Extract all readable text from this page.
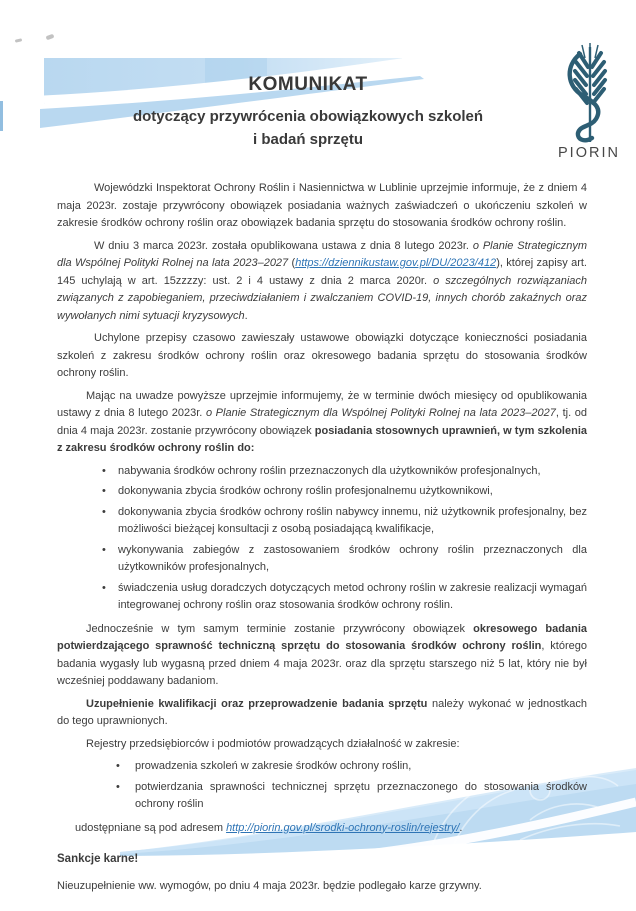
KOMUNIKAT
dotyczący przywrócenia obowiązkowych szkoleń
i badań sprzętu
PIORIN

Wojewódzki Inspektorat Ochrony Roślin i Nasiennictwa w Lublinie uprzejmie informuje, że z dniem 4 maja 2023r. zostaje przywrócony obowiązek posiadania ważnych zaświadczeń o ukończeniu szkoleń w zakresie środków ochrony roślin oraz obowiązek badania sprzętu do stosowania środków ochrony roślin.

W dniu 3 marca 2023r. została opublikowana ustawa z dnia 8 lutego 2023r. o Planie Strategicznym dla Wspólnej Polityki Rolnej na lata 2023–2027 (https://dziennikustaw.gov.pl/DU/2023/412), której zapisy art. 145 uchylają w art. 15zzzzy: ust. 2 i 4 ustawy z dnia 2 marca 2020r. o szczególnych rozwiązaniach związanych z zapobieganiem, przeciwdziałaniem i zwalczaniem COVID-19, innych chorób zakaźnych oraz wywołanych nimi sytuacji kryzysowych.

Uchylone przepisy czasowo zawieszały ustawowe obowiązki dotyczące konieczności posiadania szkoleń z zakresu środków ochrony roślin oraz okresowego badania sprzętu do stosowania środków ochrony roślin.

Mając na uwadze powyższe uprzejmie informujemy, że w terminie dwóch miesięcy od opublikowania ustawy z dnia 8 lutego 2023r. o Planie Strategicznym dla Wspólnej Polityki Rolnej na lata 2023–2027, tj. od dnia 4 maja 2023r. zostanie przywrócony obowiązek posiadania stosownych uprawnień, w tym szkolenia z zakresu środków ochrony roślin do:

• nabywania środków ochrony roślin przeznaczonych dla użytkowników profesjonalnych,
• dokonywania zbycia środków ochrony roślin profesjonalnemu użytkownikowi,
• dokonywania zbycia środków ochrony roślin nabywcy innemu, niż użytkownik profesjonalny, bez możliwości bieżącej konsultacji z osobą posiadającą kwalifikacje,
• wykonywania zabiegów z zastosowaniem środków ochrony roślin przeznaczonych dla użytkowników profesjonalnych,
• świadczenia usług doradczych dotyczących metod ochrony roślin w zakresie realizacji wymagań integrowanej ochrony roślin oraz stosowania środków ochrony roślin.

Jednocześnie w tym samym terminie zostanie przywrócony obowiązek okresowego badania potwierdzającego sprawność techniczną sprzętu do stosowania środków ochrony roślin, którego badania wygasły lub wygasną przed dniem 4 maja 2023r. oraz dla sprzętu starszego niż 5 lat, który nie był wcześniej poddawany badaniom.

Uzupełnienie kwalifikacji oraz przeprowadzenie badania sprzętu należy wykonać w jednostkach do tego uprawnionych.

Rejestry przedsiębiorców i podmiotów prowadzących działalność w zakresie:

• prowadzenia szkoleń w zakresie środków ochrony roślin,
• potwierdzania sprawności technicznej sprzętu przeznaczonego do stosowania środków ochrony roślin

udostępniane są pod adresem http://piorin.gov.pl/srodki-ochrony-roslin/rejestry/.

Sankcje karne!

Nieuzupełnienie ww. wymogów, po dniu 4 maja 2023r. będzie podlegało karze grzywny.
